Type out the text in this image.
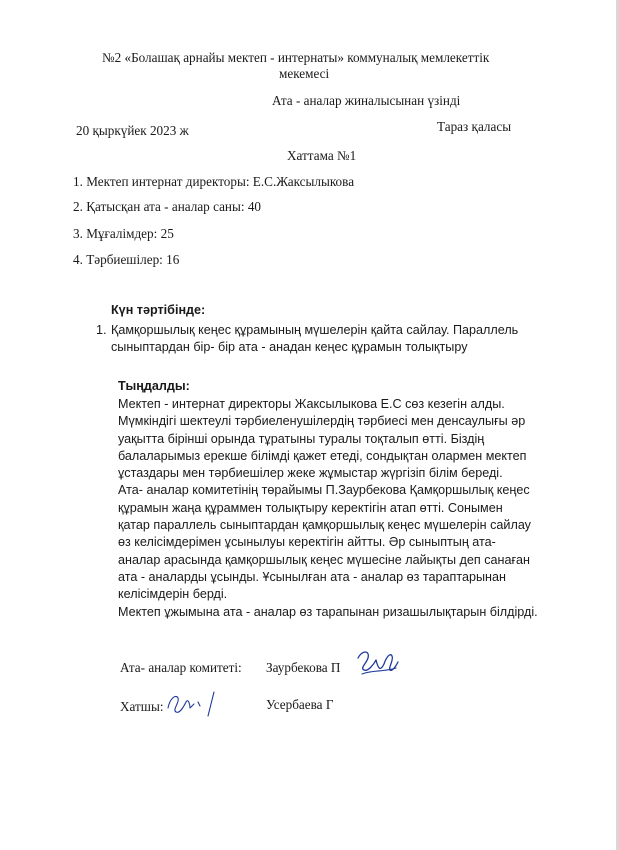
№2 «Болашақ арнайы мектеп - интернаты» коммуналық мемлекеттік
мекемесі
Ата - аналар жиналысынан үзінді
20 қыркүйек 2023 ж	Тараз қаласы
Хаттама №1
1. Мектеп интернат директоры: Е.С.Жаксылыкова
2. Қатысқан ата - аналар саны: 40
3. Мұғалімдер: 25
4. Тәрбиешілер: 16
Күн тәртібінде:
1. Қамқоршылық кеңес құрамының мүшелерін қайта сайлау. Параллель
сыныптардан бір- бір ата - анадан кеңес құрамын толықтыру
Тыңдалды:
Мектеп - интернат директоры Жаксылыкова Е.С сөз кезегін алды.
Мүмкіндігі шектеулі тәрбиеленушілердің тәрбиесі мен денсаулығы әр
уақытта бірінші орында тұратыны туралы тоқталып өтті. Біздің
балаларымыз ерекше білімді қажет етеді, сондықтан олармен мектеп
ұстаздары мен тәрбиешілер жеке жұмыстар жүргізіп білім береді.
Ата- аналар комитетінің төрайымы П.Заурбекова Қамқоршылық кеңес
құрамын жаңа құраммен толықтыру керектігін атап өтті. Сонымен
қатар параллель сыныптардан қамқоршылық кеңес мүшелерін сайлау
өз келісімдерімен ұсынылуы керектігін айтты. Әр сыныптың ата-
аналар арасында қамқоршылық кеңес мүшесіне лайықты деп санаған
ата - аналарды ұсынды. Ұсынылған ата - аналар өз тараптарынан
келісімдерін берді.
Мектеп ұжымына ата - аналар өз тарапынан ризашылықтарын білдірді.
Ата- аналар комитеті: Заурбекова П
Хатшы:	Усербаева Г
